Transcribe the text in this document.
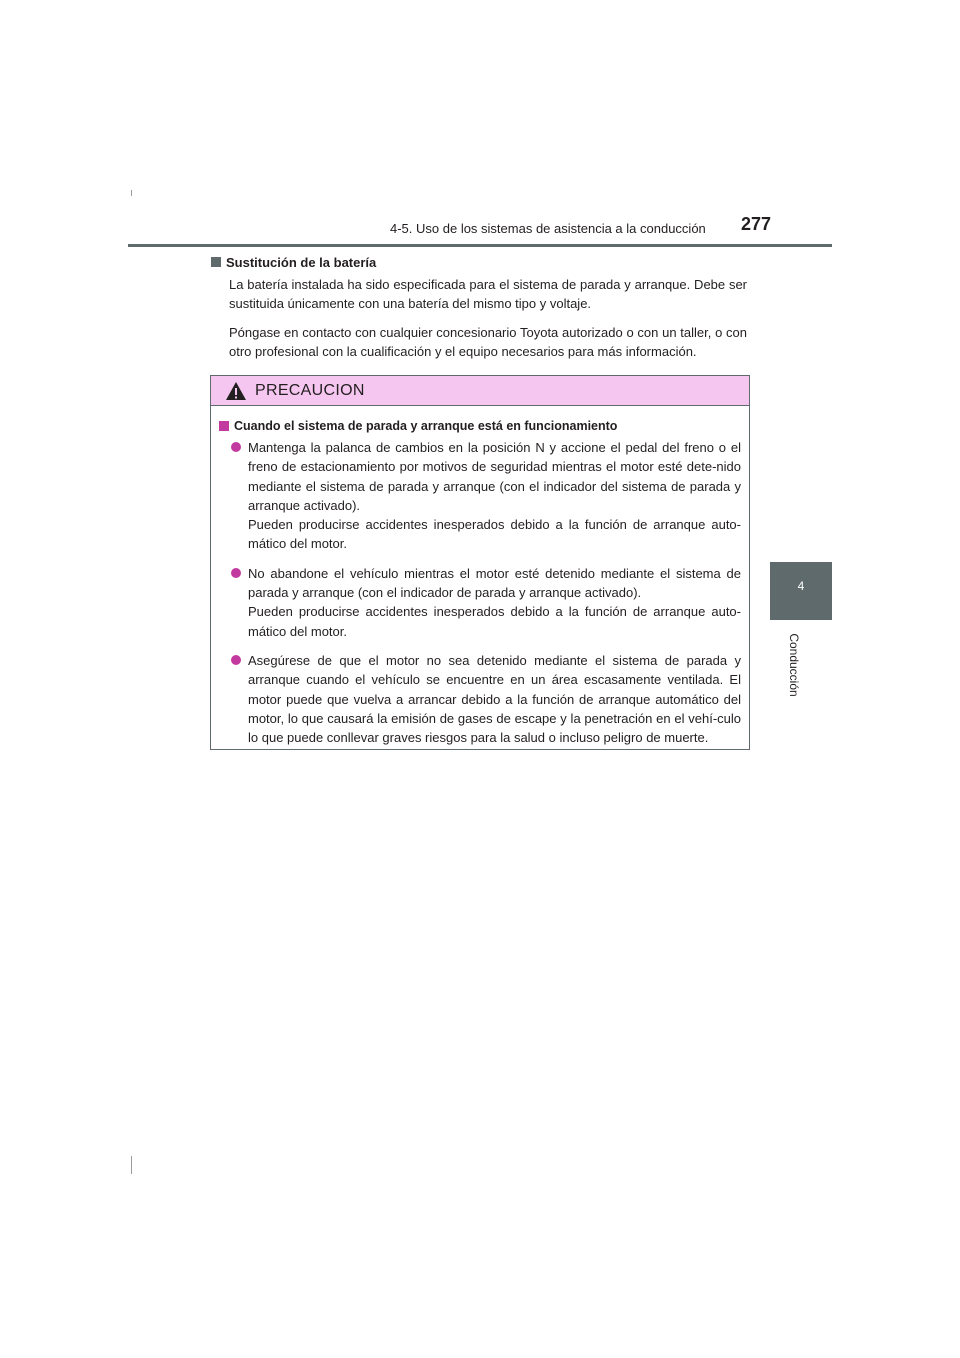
4-5. Uso de los sistemas de asistencia a la conducción 277
4
Conducción
Sustitución de la batería

La batería instalada ha sido especificada para el sistema de parada y arranque. Debe ser sustituida únicamente con una batería del mismo tipo y voltaje.

Póngase en contacto con cualquier concesionario Toyota autorizado o con un taller, o con otro profesional con la cualificación y el equipo necesarios para más información.

PRECAUCION
Cuando el sistema de parada y arranque está en funcionamiento

Mantenga la palanca de cambios en la posición N y accione el pedal del freno o el freno de estacionamiento por motivos de seguridad mientras el motor esté dete-nido mediante el sistema de parada y arranque (con el indicador del sistema de parada y arranque activado).

Pueden producirse accidentes inesperados debido a la función de arranque auto-mático del motor.

No abandone el vehículo mientras el motor esté detenido mediante el sistema de parada y arranque (con el indicador de parada y arranque activado).

Pueden producirse accidentes inesperados debido a la función de arranque auto-mático del motor.

Asegúrese de que el motor no sea detenido mediante el sistema de parada y arranque cuando el vehículo se encuentre en un área escasamente ventilada. El motor puede que vuelva a arrancar debido a la función de arranque automático del motor, lo que causará la emisión de gases de escape y la penetración en el vehí-culo lo que puede conllevar graves riesgos para la salud o incluso peligro de muerte.
